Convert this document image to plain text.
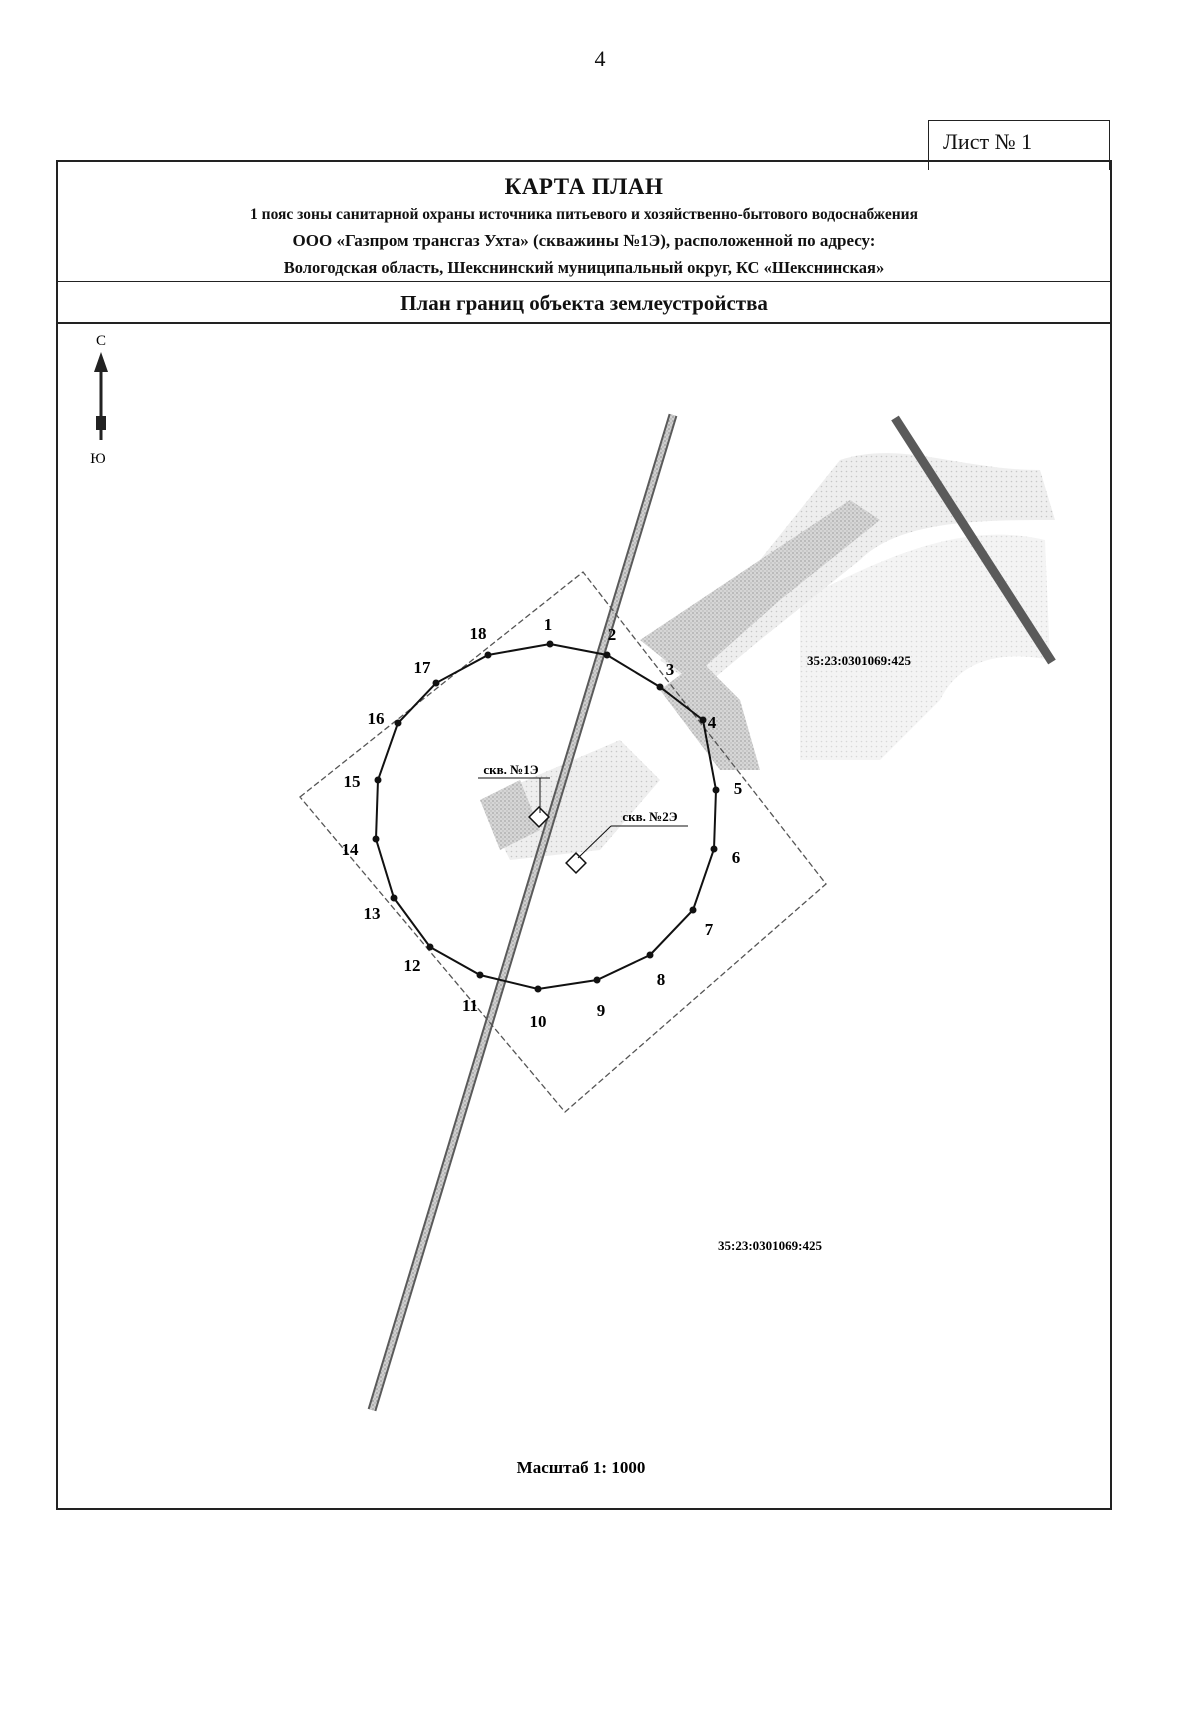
4
Лист № 1
КАРТА ПЛАН
1 пояс зоны санитарной охраны источника питьевого и хозяйственно-бытового водоснабжения
ООО «Газпром трансгаз Ухта» (скважины №1Э), расположенной по адресу:
Вологодская область, Шекснинский муниципальный округ, КС «Шекснинская»
План границ объекта землеустройства
С
Ю
1
2
3
4
5
6
7
8
9
10
11
12
13
14
15
16
17
18
скв. №1Э
скв. №2Э
35:23:0301069:425
35:23:0301069:425
Масштаб 1: 1000
